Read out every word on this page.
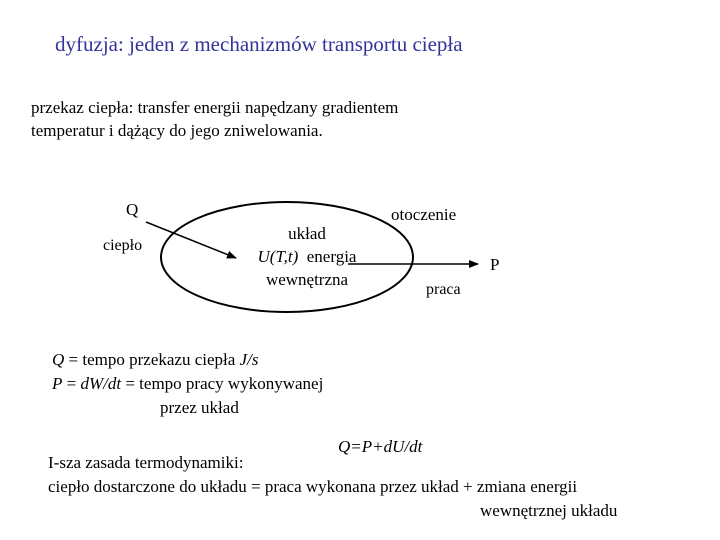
dyfuzja: jeden z mechanizmów transportu ciepła
przekaz ciepła: transfer energii napędzany gradientem
temperatur i dążący do jego zniwelowania.
Q
ciepło
układ
U(T,t) energia
wewnętrzna
otoczenie
P
praca
Q = tempo przekazu ciepła J/s
P = dW/dt = tempo pracy wykonywanej
przez układ
Q=P+dU/dt
I-sza zasada termodynamiki:
ciepło dostarczone do układu = praca wykonana przez układ + zmiana energii
wewnętrznej układu
